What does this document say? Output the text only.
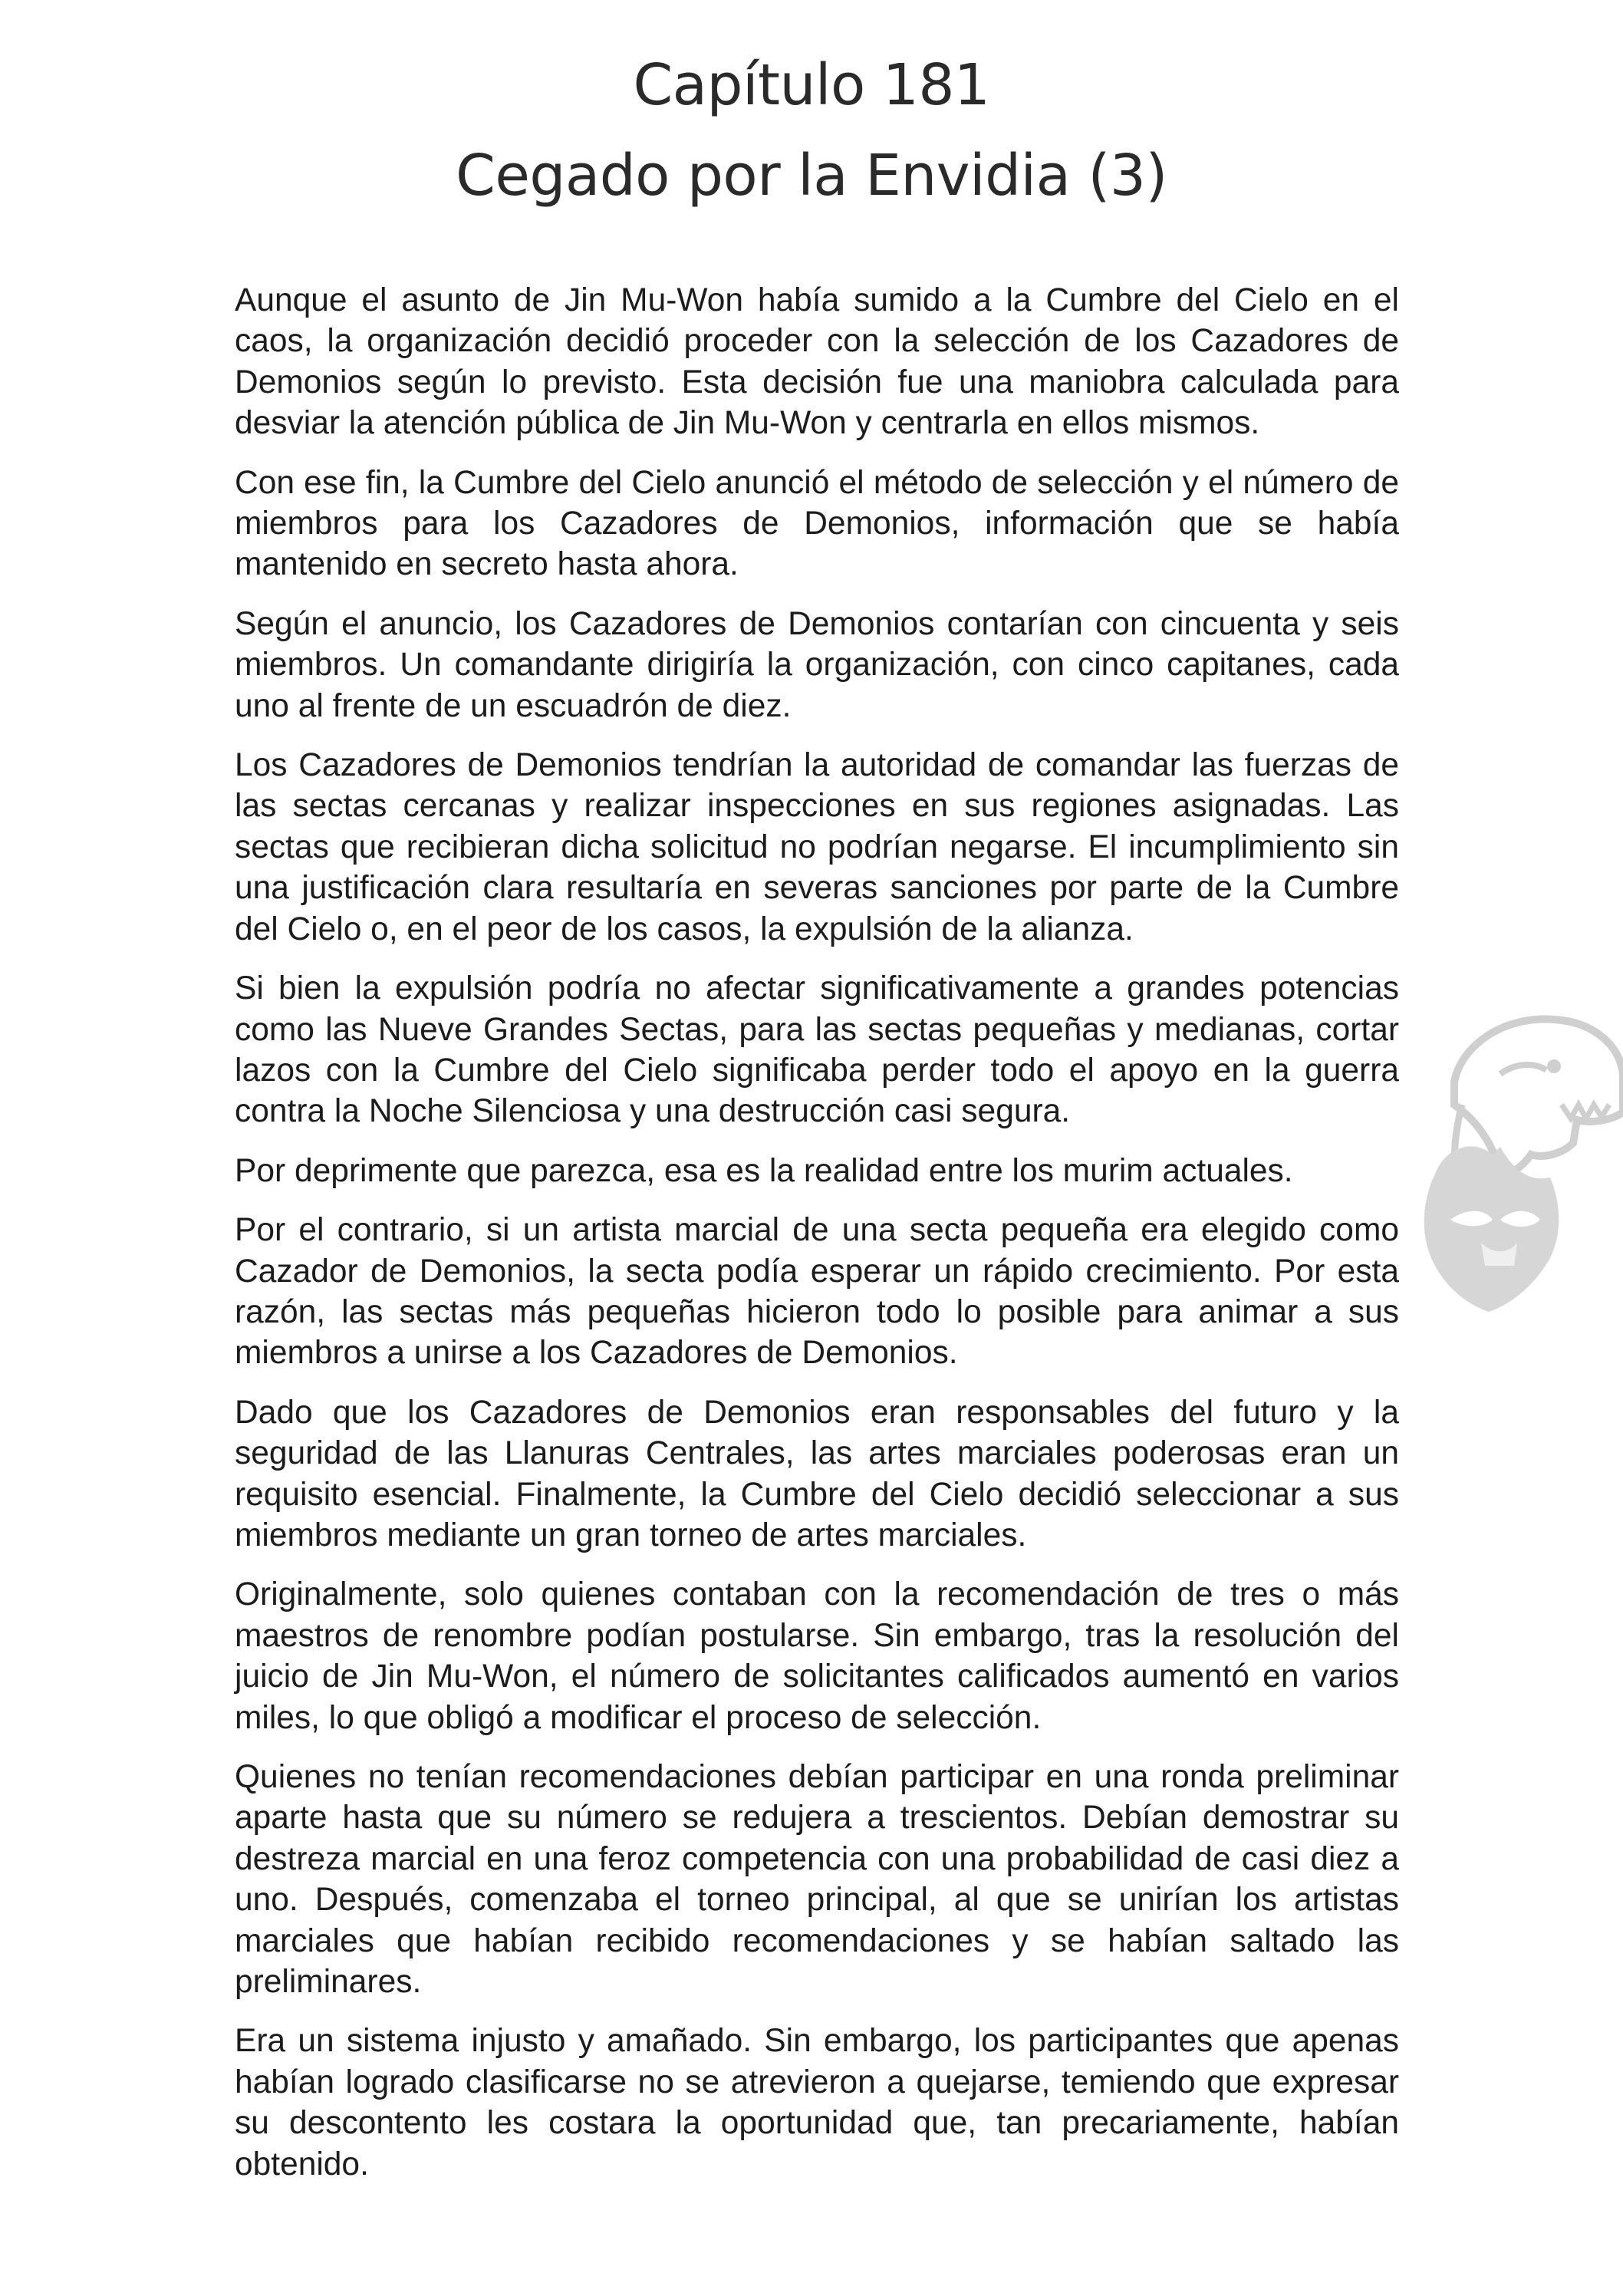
Capítulo 181
Cegado por la Envidia (3)

Aunque el asunto de Jin Mu-Won había sumido a la Cumbre del Cielo en el caos, la organización decidió proceder con la selección de los Cazadores de Demonios según lo previsto. Esta decisión fue una maniobra calculada para desviar la atención pública de Jin Mu-Won y centrarla en ellos mismos.

Con ese fin, la Cumbre del Cielo anunció el método de selección y el número de miembros para los Cazadores de Demonios, información que se había mantenido en secreto hasta ahora.

Según el anuncio, los Cazadores de Demonios contarían con cincuenta y seis miembros. Un comandante dirigiría la organización, con cinco capitanes, cada uno al frente de un escuadrón de diez.

Los Cazadores de Demonios tendrían la autoridad de comandar las fuerzas de las sectas cercanas y realizar inspecciones en sus regiones asignadas. Las sectas que recibieran dicha solicitud no podrían negarse. El incumplimiento sin una justificación clara resultaría en severas sanciones por parte de la Cumbre del Cielo o, en el peor de los casos, la expulsión de la alianza.

Si bien la expulsión podría no afectar significativamente a grandes potencias como las Nueve Grandes Sectas, para las sectas pequeñas y medianas, cortar lazos con la Cumbre del Cielo significaba perder todo el apoyo en la guerra contra la Noche Silenciosa y una destrucción casi segura.

Por deprimente que parezca, esa es la realidad entre los murim actuales.

Por el contrario, si un artista marcial de una secta pequeña era elegido como Cazador de Demonios, la secta podía esperar un rápido crecimiento. Por esta razón, las sectas más pequeñas hicieron todo lo posible para animar a sus miembros a unirse a los Cazadores de Demonios.

Dado que los Cazadores de Demonios eran responsables del futuro y la seguridad de las Llanuras Centrales, las artes marciales poderosas eran un requisito esencial. Finalmente, la Cumbre del Cielo decidió seleccionar a sus miembros mediante un gran torneo de artes marciales.

Originalmente, solo quienes contaban con la recomendación de tres o más maestros de renombre podían postularse. Sin embargo, tras la resolución del juicio de Jin Mu-Won, el número de solicitantes calificados aumentó en varios miles, lo que obligó a modificar el proceso de selección.

Quienes no tenían recomendaciones debían participar en una ronda preliminar aparte hasta que su número se redujera a trescientos. Debían demostrar su destreza marcial en una feroz competencia con una probabilidad de casi diez a uno. Después, comenzaba el torneo principal, al que se unirían los artistas marciales que habían recibido recomendaciones y se habían saltado las preliminares.

Era un sistema injusto y amañado. Sin embargo, los participantes que apenas habían logrado clasificarse no se atrevieron a quejarse, temiendo que expresar su descontento les costara la oportunidad que, tan precariamente, habían obtenido.
